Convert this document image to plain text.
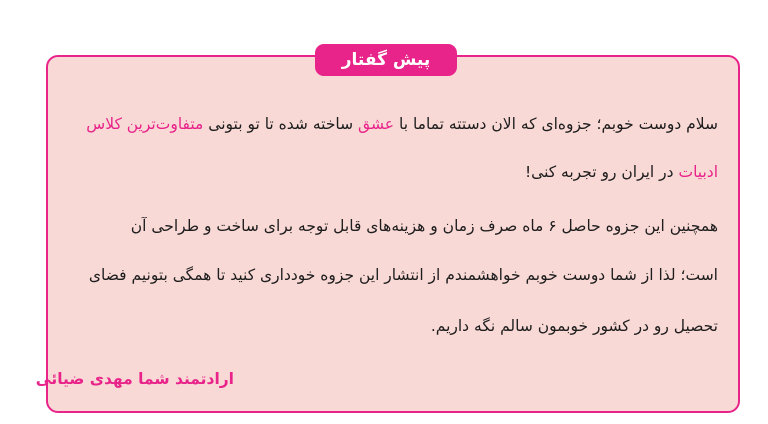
پیش گفتار
سلام دوست خوبم؛ جزوه‌ای که الان دستته تماما با عشق ساخته شده تا تو بتونی متفاوت‌ترین کلاس
ادبیات در ایران رو تجربه کنی!
همچنین این جزوه حاصل ۶ ماه صرف زمان و هزینه‌های قابل توجه برای ساخت و طراحی آن
است؛ لذا از شما دوست خوبم خواهشمندم از انتشار این جزوه خودداری کنید تا همگی بتونیم فضای
تحصیل رو در کشور خوبمون سالم نگه داریم.
ارادتمند شما مهدی ضیائی
